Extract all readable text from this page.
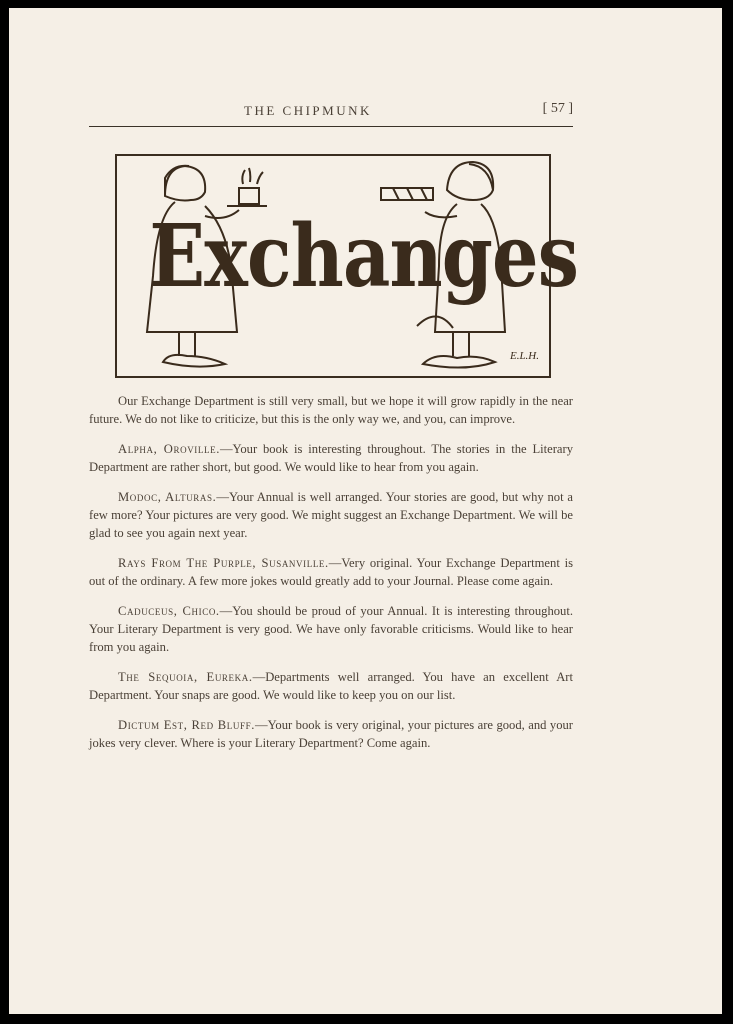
THE CHIPMUNK	[ 57 ]
Exchanges
E.L.H.

Our Exchange Department is still very small, but we hope it will grow rapidly in the near future. We do not like to criticize, but this is the only way we, and you, can improve.

Alpha, Oroville.—Your book is interesting throughout. The stories in the Literary Department are rather short, but good. We would like to hear from you again.

Modoc, Alturas.—Your Annual is well arranged. Your stories are good, but why not a few more? Your pictures are very good. We might suggest an Exchange Department. We will be glad to see you again next year.

Rays From The Purple, Susanville.—Very original. Your Exchange Department is out of the ordinary. A few more jokes would greatly add to your Journal. Please come again.

Caduceus, Chico.—You should be proud of your Annual. It is interesting throughout. Your Literary Department is very good. We have only favorable criticisms. Would like to hear from you again.

The Sequoia, Eureka.—Departments well arranged. You have an excellent Art Department. Your snaps are good. We would like to keep you on our list.

Dictum Est, Red Bluff.—Your book is very original, your pictures are good, and your jokes very clever. Where is your Literary Department? Come again.
